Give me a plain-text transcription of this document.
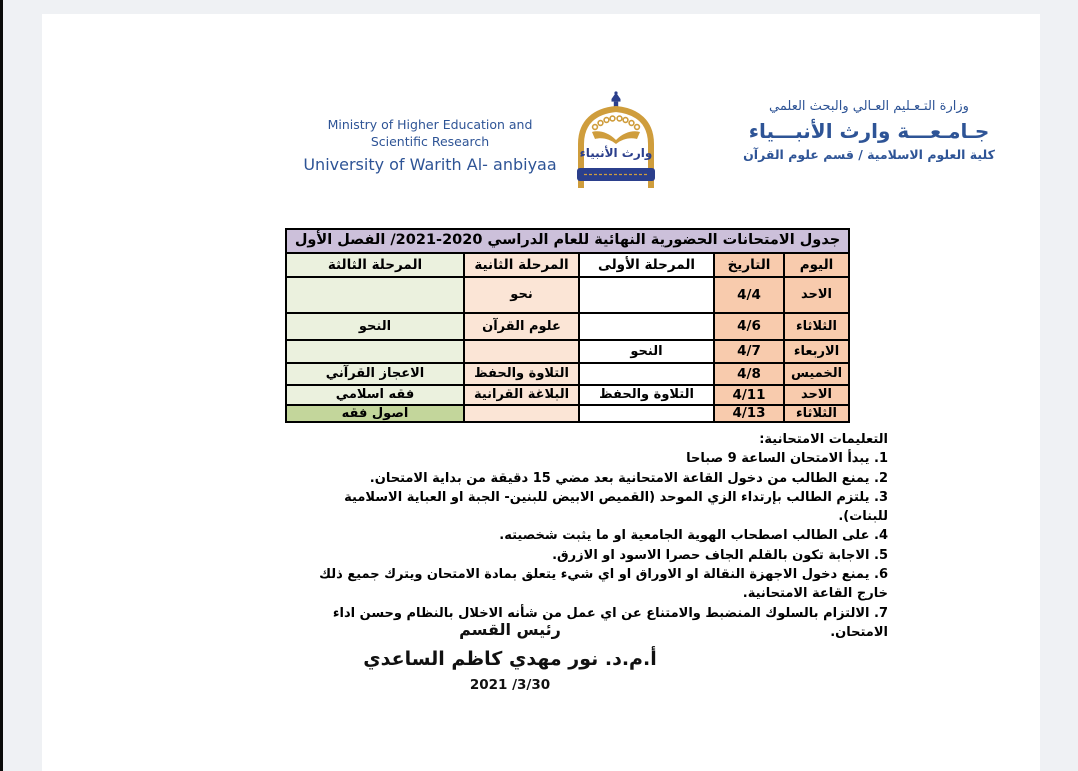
Ministry of Higher Education and
Scientific Research
University of Warith Al- anbiyaa
وارث الأنبياء
وزارة التـعـليم العـالي والبحث العلمي
جـامـعـــة وارث الأنبـــياء
كلية العلوم الاسلامية / قسم علوم القرآن
جدول الامتحانات الحضورية النهائية للعام الدراسي 2020-2021/ الفصل الأول				
اليوم	التاريخ	المرحلة الأولى	المرحلة الثانية	المرحلة الثالثة
الاحد	4/4		نحو	
الثلاثاء	4/6		علوم القرآن	النحو
الاربعاء	4/7	النحو		
الخميس	4/8		التلاوة والحفظ	الاعجاز القرآني
الاحد	4/11	التلاوة والحفظ	البلاغة القرانية	فقه اسلامي
الثلاثاء	4/13			اصول فقه
التعليمات الامتحانية:
1. يبدأ الامتحان الساعة 9 صباحا
2. يمنع الطالب من دخول القاعة الامتحانية بعد مضي 15 دقيقة من بداية الامتحان.
3. يلتزم الطالب بإرتداء الزي الموحد (القميص الابيض للبنين- الجبة او العباية الاسلامية للبنات).
4. على الطالب اصطحاب الهوية الجامعية او ما يثبت شخصيته.
5. الاجابة تكون بالقلم الجاف حصرا الاسود او الازرق.
6. يمنع دخول الاجهزة النقالة او الاوراق او اي شيء يتعلق بمادة الامتحان ويترك جميع ذلك خارج القاعة الامتحانية.
7. الالتزام بالسلوك المنضبط والامتناع عن اي عمل من شأنه الاخلال بالنظام وحسن اداء الامتحان.
رئيس القسم
أ.م.د. نور مهدي كاظم الساعدي
2021 /3/30
